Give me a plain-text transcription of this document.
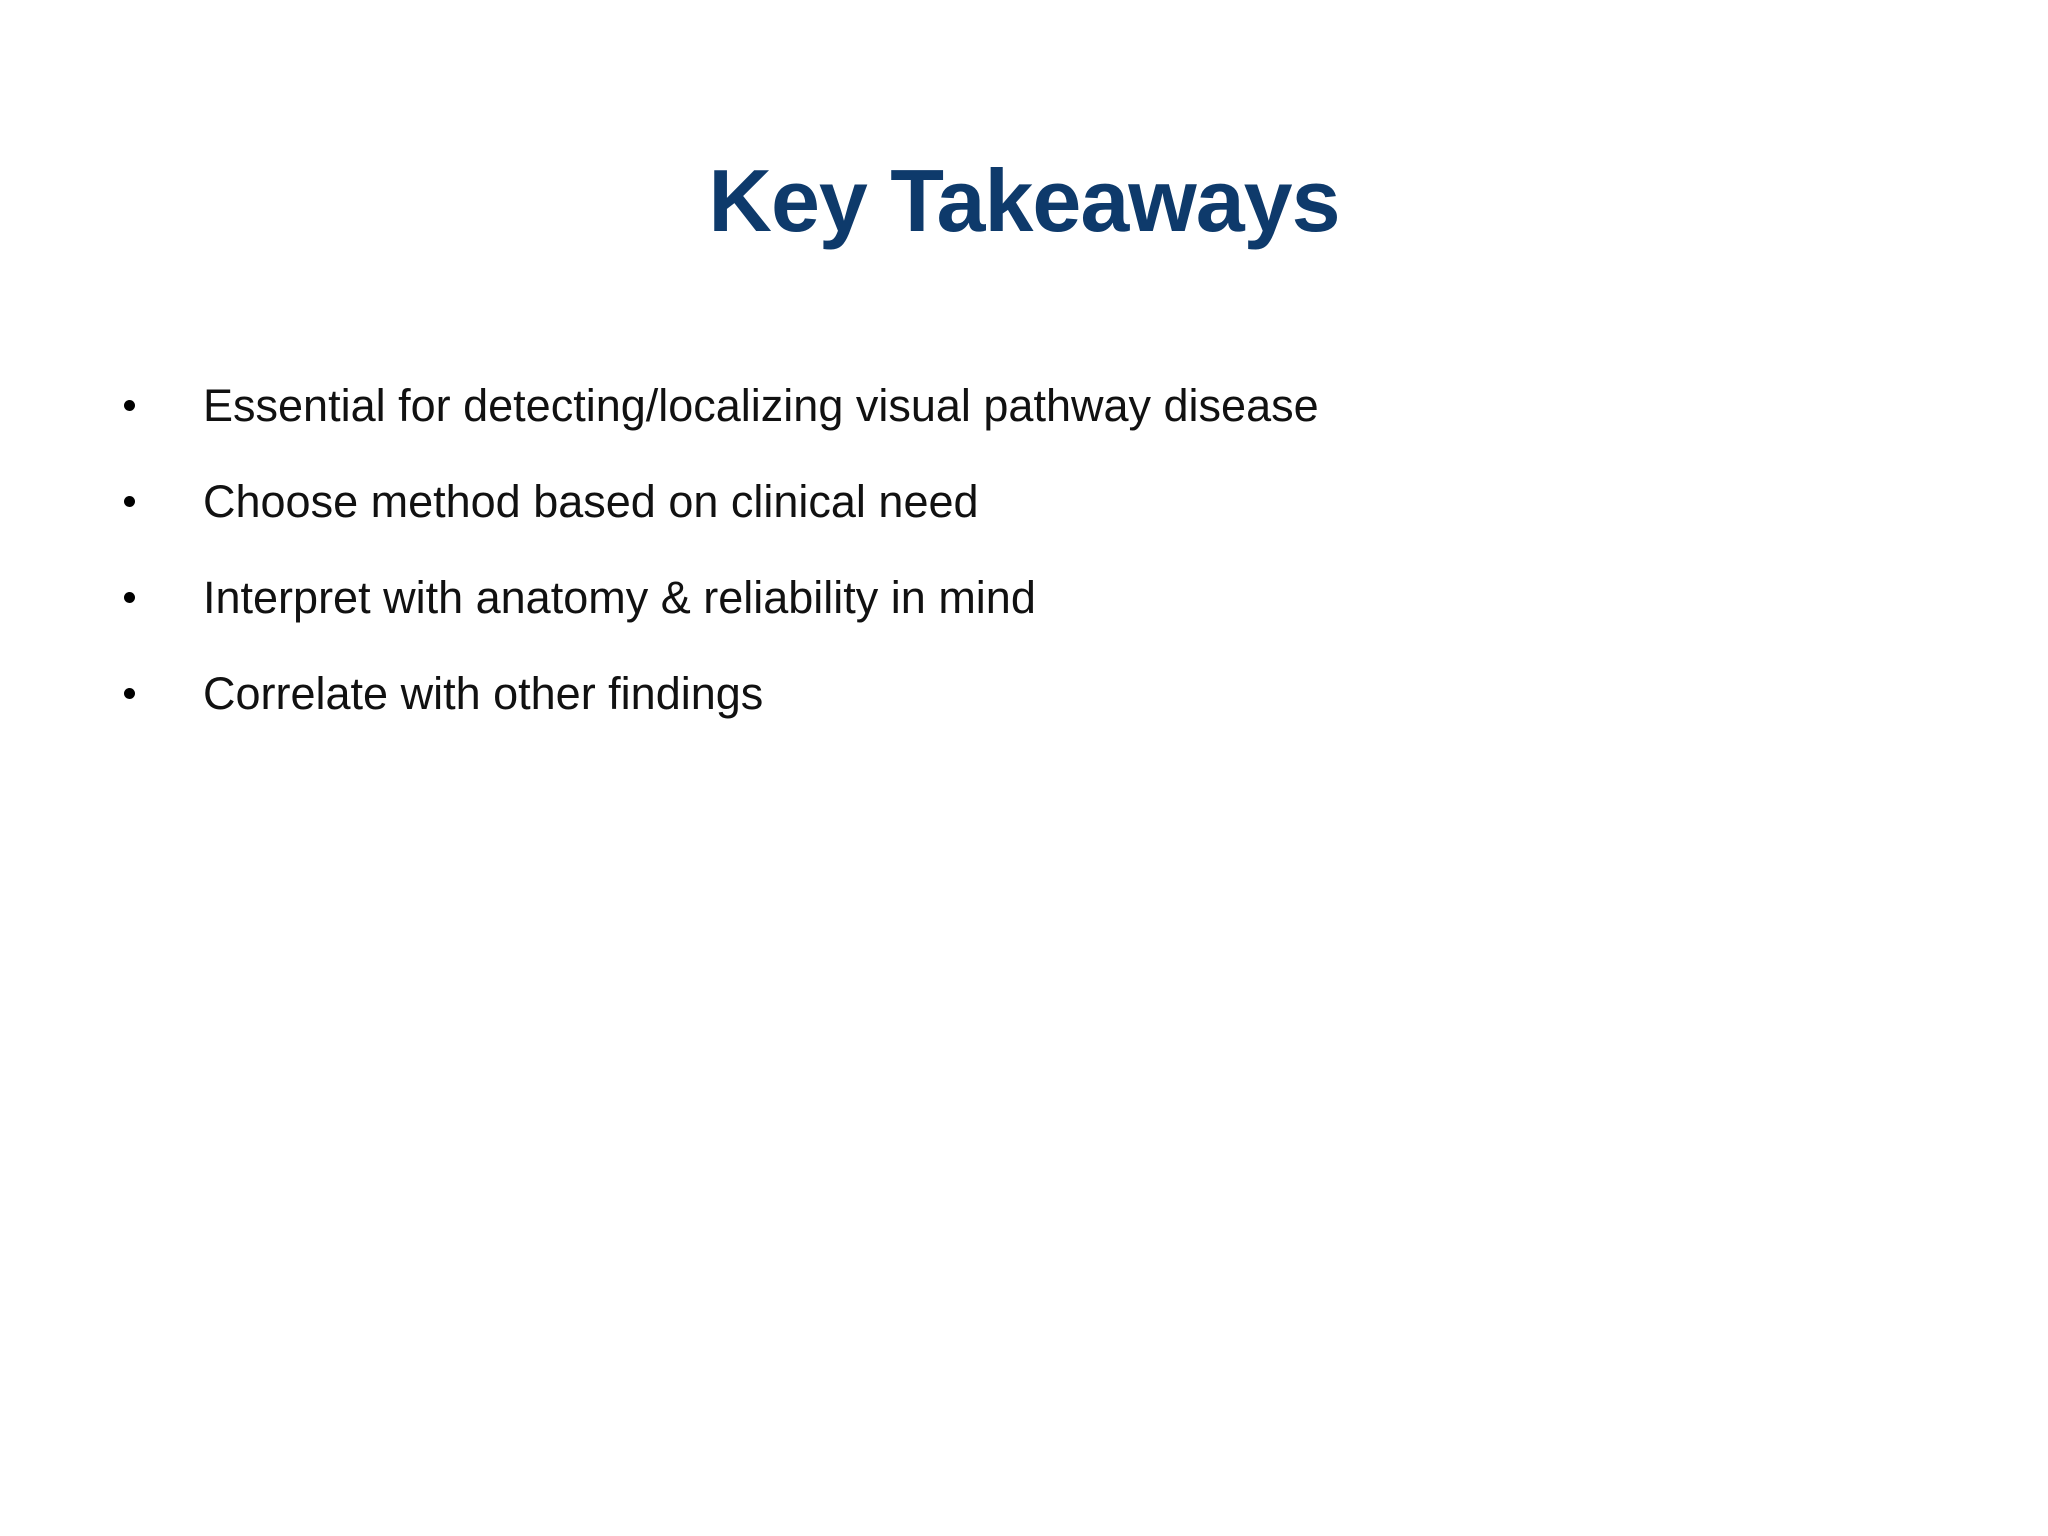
Key Takeaways
Essential for detecting/localizing visual pathway disease
Choose method based on clinical need
Interpret with anatomy & reliability in mind
Correlate with other findings
